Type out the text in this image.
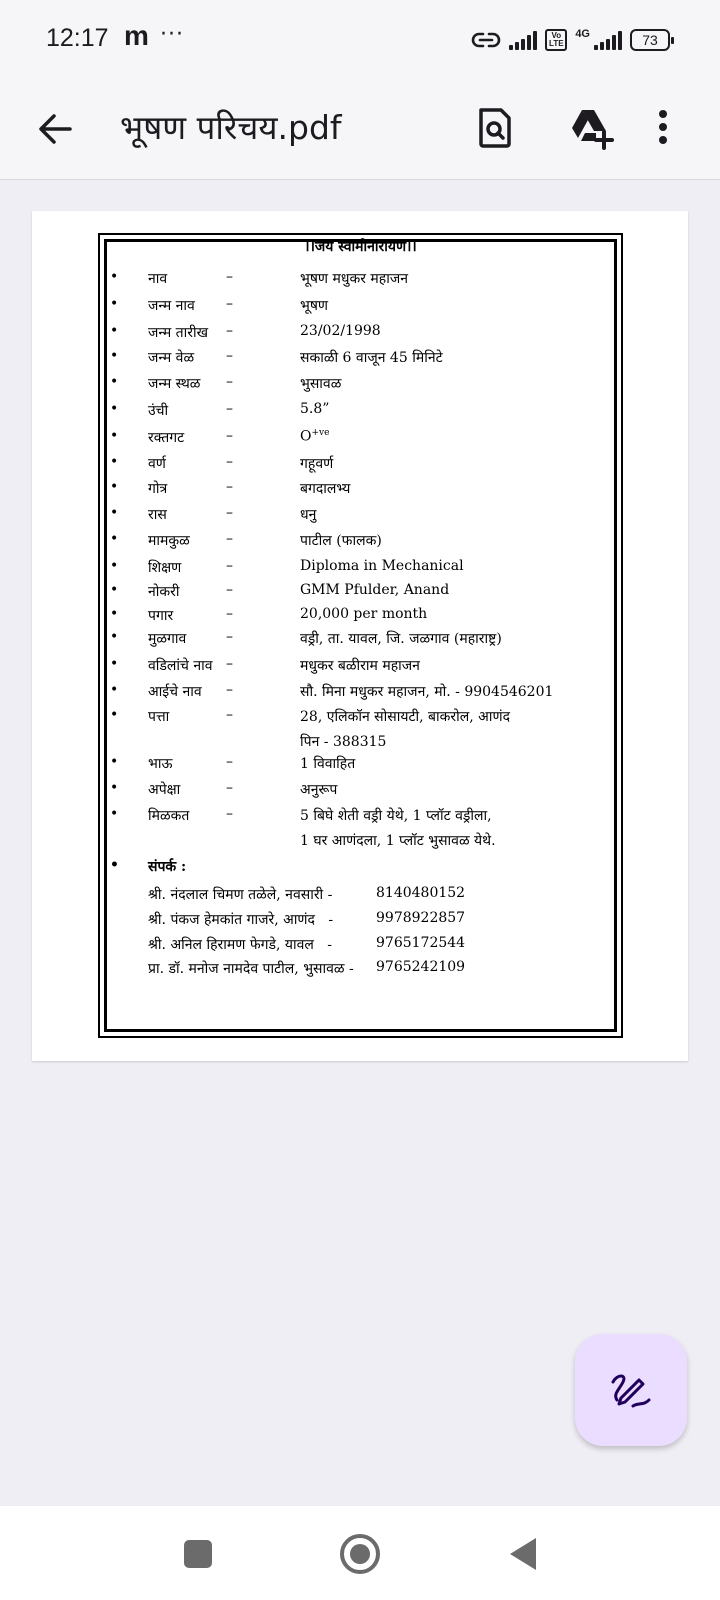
12:17 m ···	Vo LTE
4G	73
भूषण परिचय.pdf
।।जय स्वामीनारायण।।
• नाव	–	भूषण मधुकर महाजन
• जन्म नाव –	भूषण
• जन्म तारीख –	23/02/1998
• जन्म वेळ –	सकाळी 6 वाजून 45 मिनिटे
• जन्म स्थळ –	भुसावळ
• उंची	–	5.8”
• रक्तगट	–	$O^{+ve}$
• वर्ण	–	गहूवर्ण
• गोत्र	–	बगदालभ्य
• रास	–	धनु
• मामकुळ	–	पाटील (फालक)
• शिक्षण	–	Diploma in Mechanical
• नोकरी	–	GMM Pfulder, Anand
• पगार	–	20,000 per month
• मुळगाव	–	वड्री, ता. यावल, जि. जळगाव (महाराष्ट्र)
• वडिलांचे नाव –	मधुकर बळीराम महाजन
• आईचे नाव –	सौ. मिना मधुकर महाजन, मो. - 9904546201
• पत्ता	–	28, एलिकॉन सोसायटी, बाकरोल, आणंद
पिन - 388315
• भाऊ	–	1 विवाहित
• अपेक्षा	–	अनुरूप
• मिळकत	–	5 बिघे शेती वड्री येथे, 1 प्लॉट वड्रीला,
1 घर आणंदला, 1 प्लॉट भुसावळ येथे.
• संपर्क :
श्री. नंदलाल चिमण तळेले, नवसारी -	8140480152
श्री. पंकज हेमकांत गाजरे, आणंद   -	9978922857
श्री. अनिल हिरामण फेगडे, यावल   -	9765172544
प्रा. डॉ. मनोज नामदेव पाटील, भुसावळ - 9765242109
